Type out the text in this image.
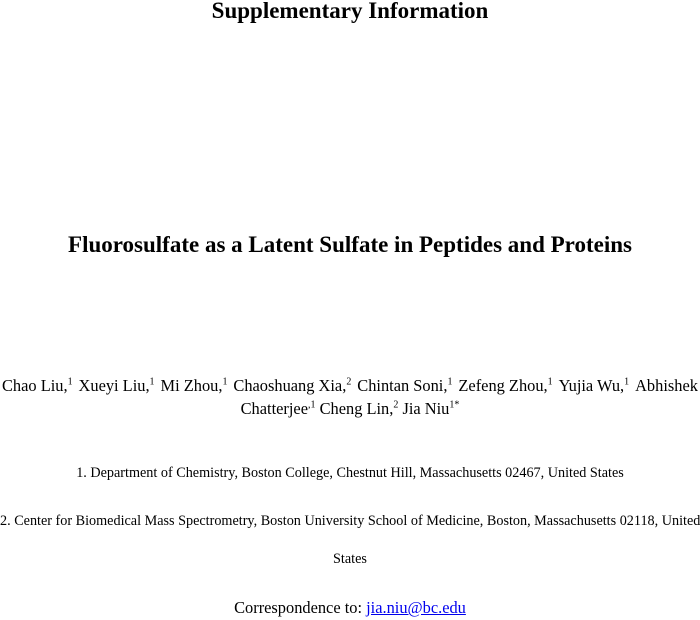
Supplementary Information
Fluorosulfate as a Latent Sulfate in Peptides and Proteins
Chao Liu,$^1$ Xueyi Liu,$^1$ Mi Zhou,$^1$ Chaoshuang Xia,$^2$ Chintan Soni,$^1$ Zefeng Zhou,$^1$ Yujia Wu,$^1$ Abhishek
Chatterjee$^{,1}$ Cheng Lin,$^2$ Jia Niu$^{1*}$
1. Department of Chemistry, Boston College, Chestnut Hill, Massachusetts 02467, United States
2. Center for Biomedical Mass Spectrometry, Boston University School of Medicine, Boston, Massachusetts 02118, United
States
Correspondence to: jia.niu@bc.edu
